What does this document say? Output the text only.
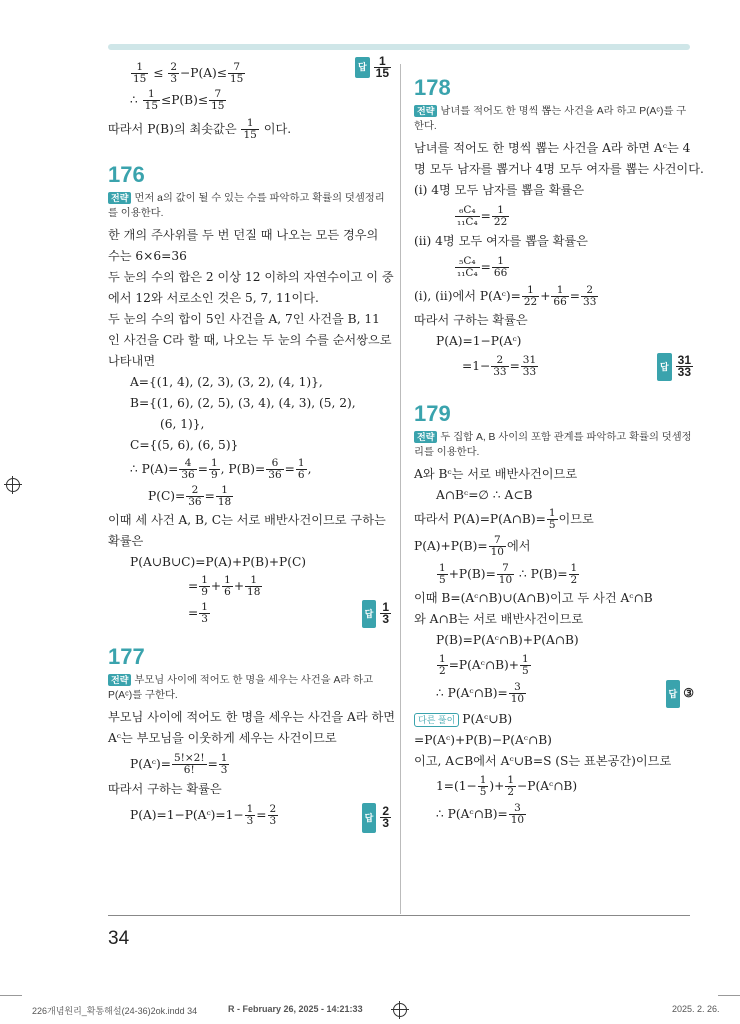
$\frac{1}{15} \le \frac{2}{3} -P(A)\le \frac{7}{15}$

∴ $\frac{1}{15} \le P(B)\le \frac{7}{15}$

따라서 P(B)의 최솟값은 $\frac{1}{15}$ 이다.
답 $\frac{1}{15}$

176

전략 먼저 a의 값이 될 수 있는 수를 파악하고 확률의 덧셈정리를 이용한다.

한 개의 주사위를 두 번 던질 때 나오는 모든 경우의

수는 6×6=36

두 눈의 수의 합은 2 이상 12 이하의 자연수이고 이 중

에서 12와 서로소인 것은 5, 7, 11이다.

두 눈의 수의 합이 5인 사건을 A, 7인 사건을 B, 11

인 사건을 C라 할 때, 나오는 두 눈의 수를 순서쌍으로

나타내면

A={(1, 4), (2, 3), (3, 2), (4, 1)},

B={(1, 6), (2, 5), (3, 4), (4, 3), (5, 2),

(6, 1)},

C={(5, 6), (6, 5)}

∴ $P(A)= \frac{4}{36} = \frac{1}{9}$ , $P(B)= \frac{6}{36} = \frac{1}{6}$ ,

$P(C)= \frac{2}{36} = \frac{1}{18}$

이때 세 사건 A, B, C는 서로 배반사건이므로 구하는

확률은

P(A∪B∪C)=P(A)+P(B)+P(C)

= $\frac{1}{9} + \frac{1}{6} + \frac{1}{18}$

= $\frac{1}{3}$	답 $\frac{1}{3}$

177

전략 부모님 사이에 적어도 한 명을 세우는 사건을 A라 하고 P(Aᶜ)를 구한다.

부모님 사이에 적어도 한 명을 세우는 사건을 A라 하면

Aᶜ는 부모님을 이웃하게 세우는 사건이므로

P(Aᶜ)= $\frac{5!\times 2!}{6!} = \frac{1}{3}$

따라서 구하는 확률은

P(A)=1−P(Aᶜ)=1− $\frac{1}{3} = \frac{2}{3}$	답 $\frac{2}{3}$

178

전략 남녀를 적어도 한 명씩 뽑는 사건을 A라 하고 P(Aᶜ)를 구한다.

남녀를 적어도 한 명씩 뽑는 사건을 A라 하면 Aᶜ는 4

명 모두 남자를 뽑거나 4명 모두 여자를 뽑는 사건이다.

(i) 4명 모두 남자를 뽑을 확률은

$\frac{\text{₆C₄}}{\text{₁₁C₄}} = \frac{1}{22}$

(ii) 4명 모두 여자를 뽑을 확률은

$\frac{\text{₅C₄}}{\text{₁₁C₄}} = \frac{1}{66}$

(i), (ii)에서 P(Aᶜ)= $\frac{1}{22} + \frac{1}{66} = \frac{2}{33}$

따라서 구하는 확률은

P(A)=1−P(Aᶜ)

$=1- \frac{2}{33} = \frac{31}{33}$	답 $\frac{31}{33}$

179

전략 두 집합 A, B 사이의 포함 관계를 파악하고 확률의 덧셈정리를 이용한다.

A와 Bᶜ는 서로 배반사건이므로

A∩Bᶜ=∅ ∴ A⊂B

따라서 P(A)=P(A∩B)= $\frac{1}{5}$ 이므로

$P(A)+P(B)= \frac{7}{10}$ 에서

$\frac{1}{5} +P(B)= \frac{7}{10}$ ∴ $P(B)= \frac{1}{2}$

이때 B=(Aᶜ∩B)∪(A∩B)이고 두 사건 Aᶜ∩B

와 A∩B는 서로 배반사건이므로

P(B)=P(Aᶜ∩B)+P(A∩B)

$\frac{1}{2}$ =P(Aᶜ∩B)+ $\frac{1}{5}$

∴ P(Aᶜ∩B)= $\frac{3}{10}$	답 ③

다른 풀이 P(Aᶜ∪B)

=P(Aᶜ)+P(B)−P(Aᶜ∩B)

이고, A⊂B에서 Aᶜ∪B=S (S는 표본공간)이므로

$1=(1- \frac{1}{5}$ )+ $\frac{1}{2}$ −P(Aᶜ∩B)

∴ P(Aᶜ∩B)= $\frac{3}{10}$

34
226개념원리_확통해설(24-36)2ok.indd 34	R - February 26, 2025 - 14:21:33	2025. 2. 26.
